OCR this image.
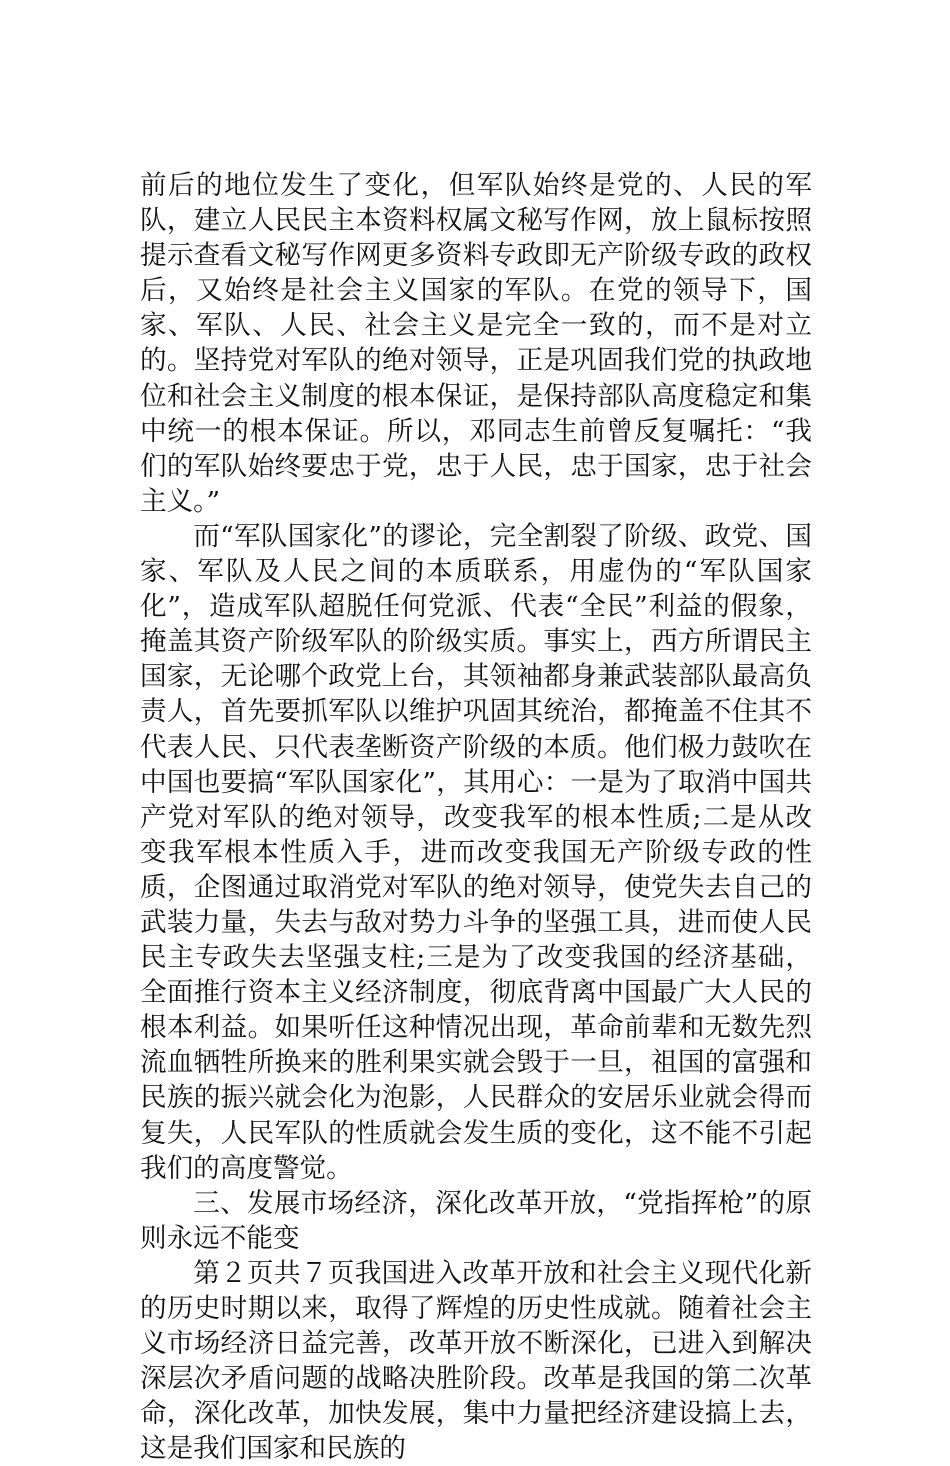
前后的地位发生了变化，但军队始终是党的、人民的军队，建立人民民主本资料权属文秘写作网，放上鼠标按照提示查看文秘写作网更多资料专政即无产阶级专政的政权后，又始终是社会主义国家的军队。在党的领导下，国家、军队、人民、社会主义是完全一致的，而不是对立的。坚持党对军队的绝对领导，正是巩固我们党的执政地位和社会主义制度的根本保证，是保持部队高度稳定和集中统一的根本保证。所以，邓同志生前曾反复嘱托：“我们的军队始终要忠于党，忠于人民，忠于国家，忠于社会主义。”

而“军队国家化”的谬论，完全割裂了阶级、政党、国家、军队及人民之间的本质联系，用虚伪的“军队国家化”，造成军队超脱任何党派、代表“全民”利益的假象，掩盖其资产阶级军队的阶级实质。事实上，西方所谓民主国家，无论哪个政党上台，其领袖都身兼武装部队最高负责人，首先要抓军队以维护巩固其统治，都掩盖不住其不代表人民、只代表垄断资产阶级的本质。他们极力鼓吹在中国也要搞“军队国家化”，其用心：一是为了取消中国共产党对军队的绝对领导，改变我军的根本性质;二是从改变我军根本性质入手，进而改变我国无产阶级专政的性质，企图通过取消党对军队的绝对领导，使党失去自己的武装力量，失去与敌对势力斗争的坚强工具，进而使人民民主专政失去坚强支柱;三是为了改变我国的经济基础，全面推行资本主义经济制度，彻底背离中国最广大人民的根本利益。如果听任这种情况出现，革命前辈和无数先烈流血牺牲所换来的胜利果实就会毁于一旦，祖国的富强和民族的振兴就会化为泡影，人民群众的安居乐业就会得而复失，人民军队的性质就会发生质的变化，这不能不引起我们的高度警觉。

三、发展市场经济，深化改革开放，“党指挥枪”的原则永远不能变

第２页共７页我国进入改革开放和社会主义现代化新的历史时期以来，取得了辉煌的历史性成就。随着社会主义市场经济日益完善，改革开放不断深化，已进入到解决深层次矛盾问题的战略决胜阶段。改革是我国的第二次革命，深化改革，加快发展，集中力量把经济建设搞上去，这是我们国家和民族的
